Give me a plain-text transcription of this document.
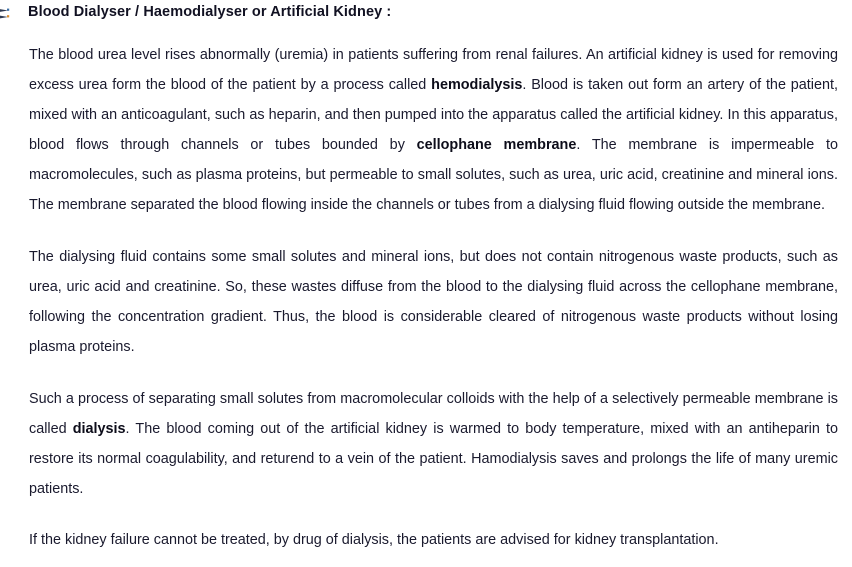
Blood Dialyser / Haemodialyser or Artificial Kidney :

The blood urea level rises abnormally (uremia) in patients suffering from renal failures. An artificial kidney is used for removing excess urea form the blood of the patient by a process called hemodialysis. Blood is taken out form an artery of the patient, mixed with an anticoagulant, such as heparin, and then pumped into the apparatus called the artificial kidney. In this apparatus, blood flows through channels or tubes bounded by cellophane membrane. The membrane is impermeable to macromolecules, such as plasma proteins, but permeable to small solutes, such as urea, uric acid, creatinine and mineral ions. The membrane separated the blood flowing inside the channels or tubes from a dialysing fluid flowing outside the membrane.

The dialysing fluid contains some small solutes and mineral ions, but does not contain nitrogenous waste products, such as urea, uric acid and creatinine. So, these wastes diffuse from the blood to the dialysing fluid across the cellophane membrane, following the concentration gradient. Thus, the blood is considerable cleared of nitrogenous waste products without losing plasma proteins.

Such a process of separating small solutes from macromolecular colloids with the help of a selectively permeable membrane is called dialysis. The blood coming out of the artificial kidney is warmed to body temperature, mixed with an antiheparin to restore its normal coagulability, and returend to a vein of the patient. Hamodialysis saves and prolongs the life of many uremic patients.

If the kidney failure cannot be treated, by drug of dialysis, the patients are advised for kidney transplantation.
